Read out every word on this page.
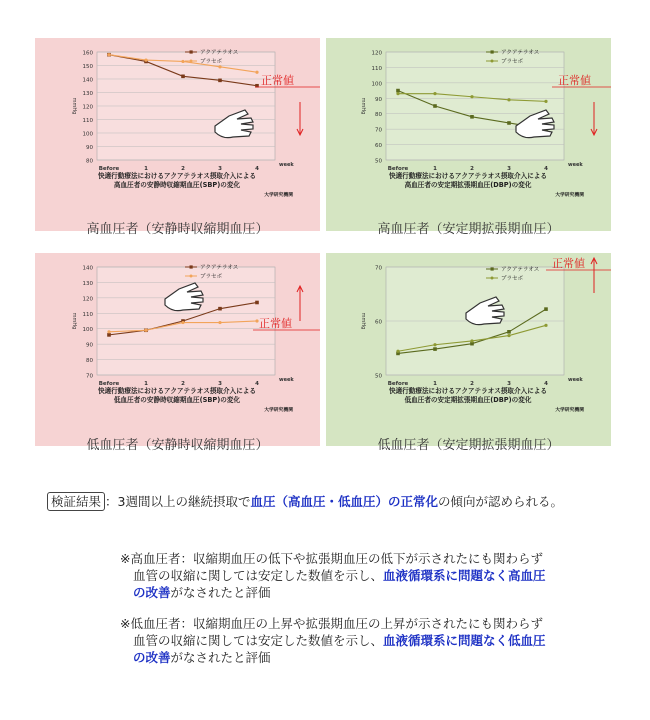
80
90
100
110
120
130
140
150
160
mmHg
Before	1	2	3	4
week
アクアテラオス
プラセボ
快適行動療法におけるアクアテラオス摂取介入による
高血圧者の安静時収縮期血圧(SBP)の変化
大学研究機関
正常値
50
60
70
80
90
100
110
120
mmHg
Before	1	2	3	4
week
アクアテラオス
プラセボ
快適行動療法におけるアクアテラオス摂取介入による
高血圧者の安定期拡張期血圧(DBP)の変化
大学研究機関
正常値
70
80
90
100
110
120
130
140
mmHg
Before	1	2	3	4
week
アクアテラオス
プラセボ
快適行動療法におけるアクアテラオス摂取介入による
低血圧者の安静時収縮期血圧(SBP)の変化
大学研究機関
正常値
50
60
70
mmHg
Before	1	2	3	4
week
アクアテラオス
プラセボ
快適行動療法におけるアクアテラオス摂取介入による
低血圧者の安定期拡張期血圧(DBP)の変化
大学研究機関
正常値
高血圧者（安静時収縮期血圧）	高血圧者（安定期拡張期血圧）
低血圧者（安静時収縮期血圧）	低血圧者（安定期拡張期血圧）
検証結果 ：3週間以上の継続摂取で血圧（高血圧・低血圧）の正常化の傾向が認められる。

※高血圧者：収縮期血圧の低下や拡張期血圧の低下が示されたにも関わらず

血管の収縮に関しては安定した数値を示し、血液循環系に問題なく高血圧

の改善がなされたと評価

※低血圧者：収縮期血圧の上昇や拡張期血圧の上昇が示されたにも関わらず

血管の収縮に関しては安定した数値を示し、血液循環系に問題なく低血圧

の改善がなされたと評価
